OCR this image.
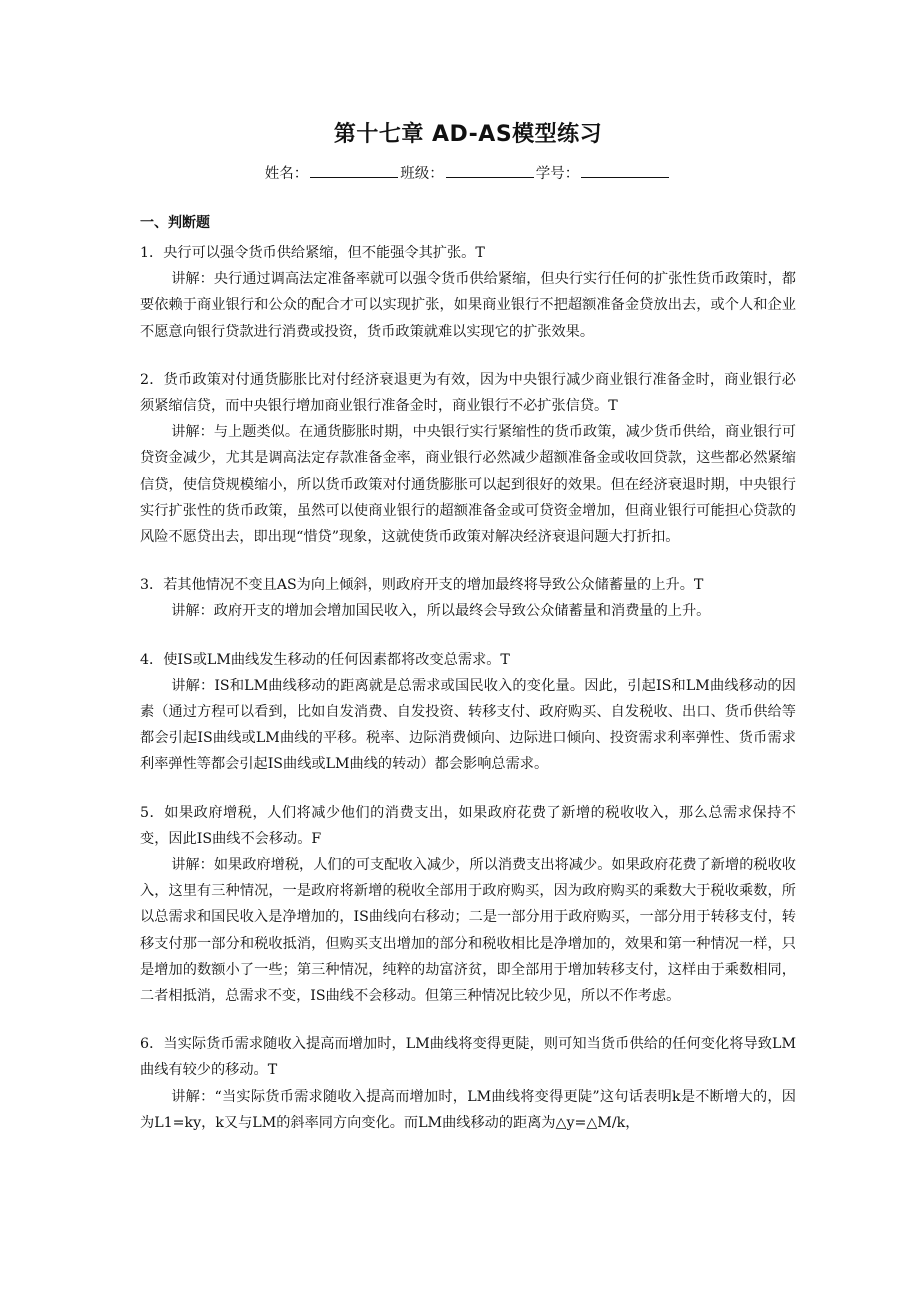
第十七章 AD-AS模型练习
姓名：	班级：	学号：
一、判断题

1．央行可以强令货币供给紧缩，但不能强令其扩张。T

讲解：央行通过调高法定准备率就可以强令货币供给紧缩，但央行实行任何的扩张性货币政策时，都要依赖于商业银行和公众的配合才可以实现扩张，如果商业银行不把超额准备金贷放出去，或个人和企业不愿意向银行贷款进行消费或投资，货币政策就难以实现它的扩张效果。

2．货币政策对付通货膨胀比对付经济衰退更为有效，因为中央银行减少商业银行准备金时，商业银行必须紧缩信贷，而中央银行增加商业银行准备金时，商业银行不必扩张信贷。T

讲解：与上题类似。在通货膨胀时期，中央银行实行紧缩性的货币政策，减少货币供给，商业银行可贷资金减少，尤其是调高法定存款准备金率，商业银行必然减少超额准备金或收回贷款，这些都必然紧缩信贷，使信贷规模缩小，所以货币政策对付通货膨胀可以起到很好的效果。但在经济衰退时期，中央银行实行扩张性的货币政策，虽然可以使商业银行的超额准备金或可贷资金增加，但商业银行可能担心贷款的风险不愿贷出去，即出现“惜贷”现象，这就使货币政策对解决经济衰退问题大打折扣。

3．若其他情况不变且AS为向上倾斜，则政府开支的增加最终将导致公众储蓄量的上升。T

讲解：政府开支的增加会增加国民收入，所以最终会导致公众储蓄量和消费量的上升。

4．使IS或LM曲线发生移动的任何因素都将改变总需求。T

讲解：IS和LM曲线移动的距离就是总需求或国民收入的变化量。因此，引起IS和LM曲线移动的因素（通过方程可以看到，比如自发消费、自发投资、转移支付、政府购买、自发税收、出口、货币供给等都会引起IS曲线或LM曲线的平移。税率、边际消费倾向、边际进口倾向、投资需求利率弹性、货币需求利率弹性等都会引起IS曲线或LM曲线的转动）都会影响总需求。

5．如果政府增税，人们将减少他们的消费支出，如果政府花费了新增的税收收入，那么总需求保持不变，因此IS曲线不会移动。F

讲解：如果政府增税，人们的可支配收入减少，所以消费支出将减少。如果政府花费了新增的税收收入，这里有三种情况，一是政府将新增的税收全部用于政府购买，因为政府购买的乘数大于税收乘数，所以总需求和国民收入是净增加的，IS曲线向右移动；二是一部分用于政府购买，一部分用于转移支付，转移支付那一部分和税收抵消，但购买支出增加的部分和税收相比是净增加的，效果和第一种情况一样，只是增加的数额小了一些；第三种情况，纯粹的劫富济贫，即全部用于增加转移支付，这样由于乘数相同，二者相抵消，总需求不变，IS曲线不会移动。但第三种情况比较少见，所以不作考虑。

6．当实际货币需求随收入提高而增加时，LM曲线将变得更陡，则可知当货币供给的任何变化将导致LM曲线有较少的移动。T

讲解：“当实际货币需求随收入提高而增加时，LM曲线将变得更陡”这句话表明k是不断增大的，因为L1=ky，k又与LM的斜率同方向变化。而LM曲线移动的距离为△y=△M/k，
